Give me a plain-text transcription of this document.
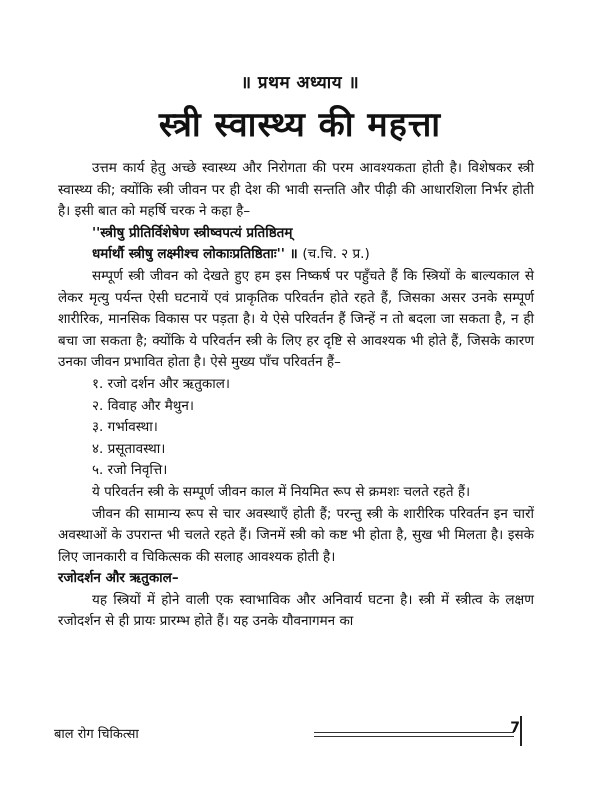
॥ प्रथम अध्याय ॥
स्त्री स्वास्थ्य की महत्ता

उत्तम कार्य हेतु अच्छे स्वास्थ्य और निरोगता की परम आवश्यकता होती है। विशेषकर स्त्री स्वास्थ्य की; क्योंकि स्त्री जीवन पर ही देश की भावी सन्तति और पीढ़ी की आधारशिला निर्भर होती है। इसी बात को महर्षि चरक ने कहा है–

''स्त्रीषु प्रीतिर्विशेषेण स्त्रीष्वपत्यं प्रतिष्ठितम्
धर्मार्थौ स्त्रीषु लक्ष्मीश्च लोकाःप्रतिष्ठिताः'' ॥ (च.चि. २ प्र.)

सम्पूर्ण स्त्री जीवन को देखते हुए हम इस निष्कर्ष पर पहुँचते हैं कि स्त्रियों के बाल्यकाल से लेकर मृत्यु पर्यन्त ऐसी घटनायें एवं प्राकृतिक परिवर्तन होते रहते हैं, जिसका असर उनके सम्पूर्ण शारीरिक, मानसिक विकास पर पड़ता है। ये ऐसे परिवर्तन हैं जिन्हें न तो बदला जा सकता है, न ही बचा जा सकता है; क्योंकि ये परिवर्तन स्त्री के लिए हर दृष्टि से आवश्यक भी होते हैं, जिसके कारण उनका जीवन प्रभावित होता है। ऐसे मुख्य पाँच परिवर्तन हैं–

१. रजो दर्शन और ऋतुकाल।
२. विवाह और मैथुन।
३. गर्भावस्था।
४. प्रसूतावस्था।
५. रजो निवृत्ति।

ये परिवर्तन स्त्री के सम्पूर्ण जीवन काल में नियमित रूप से क्रमशः चलते रहते हैं।

जीवन की सामान्य रूप से चार अवस्थाएँ होती हैं; परन्तु स्त्री के शारीरिक परिवर्तन इन चारों अवस्थाओं के उपरान्त भी चलते रहते हैं। जिनमें स्त्री को कष्ट भी होता है, सुख भी मिलता है। इसके लिए जानकारी व चिकित्सक की सलाह आवश्यक होती है।

रजोदर्शन और ऋतुकाल–

यह स्त्रियों में होने वाली एक स्वाभाविक और अनिवार्य घटना है। स्त्री में स्त्रीत्व के लक्षण रजोदर्शन से ही प्रायः प्रारम्भ होते हैं। यह उनके यौवनागमन का

बाल रोग चिकित्सा	7
